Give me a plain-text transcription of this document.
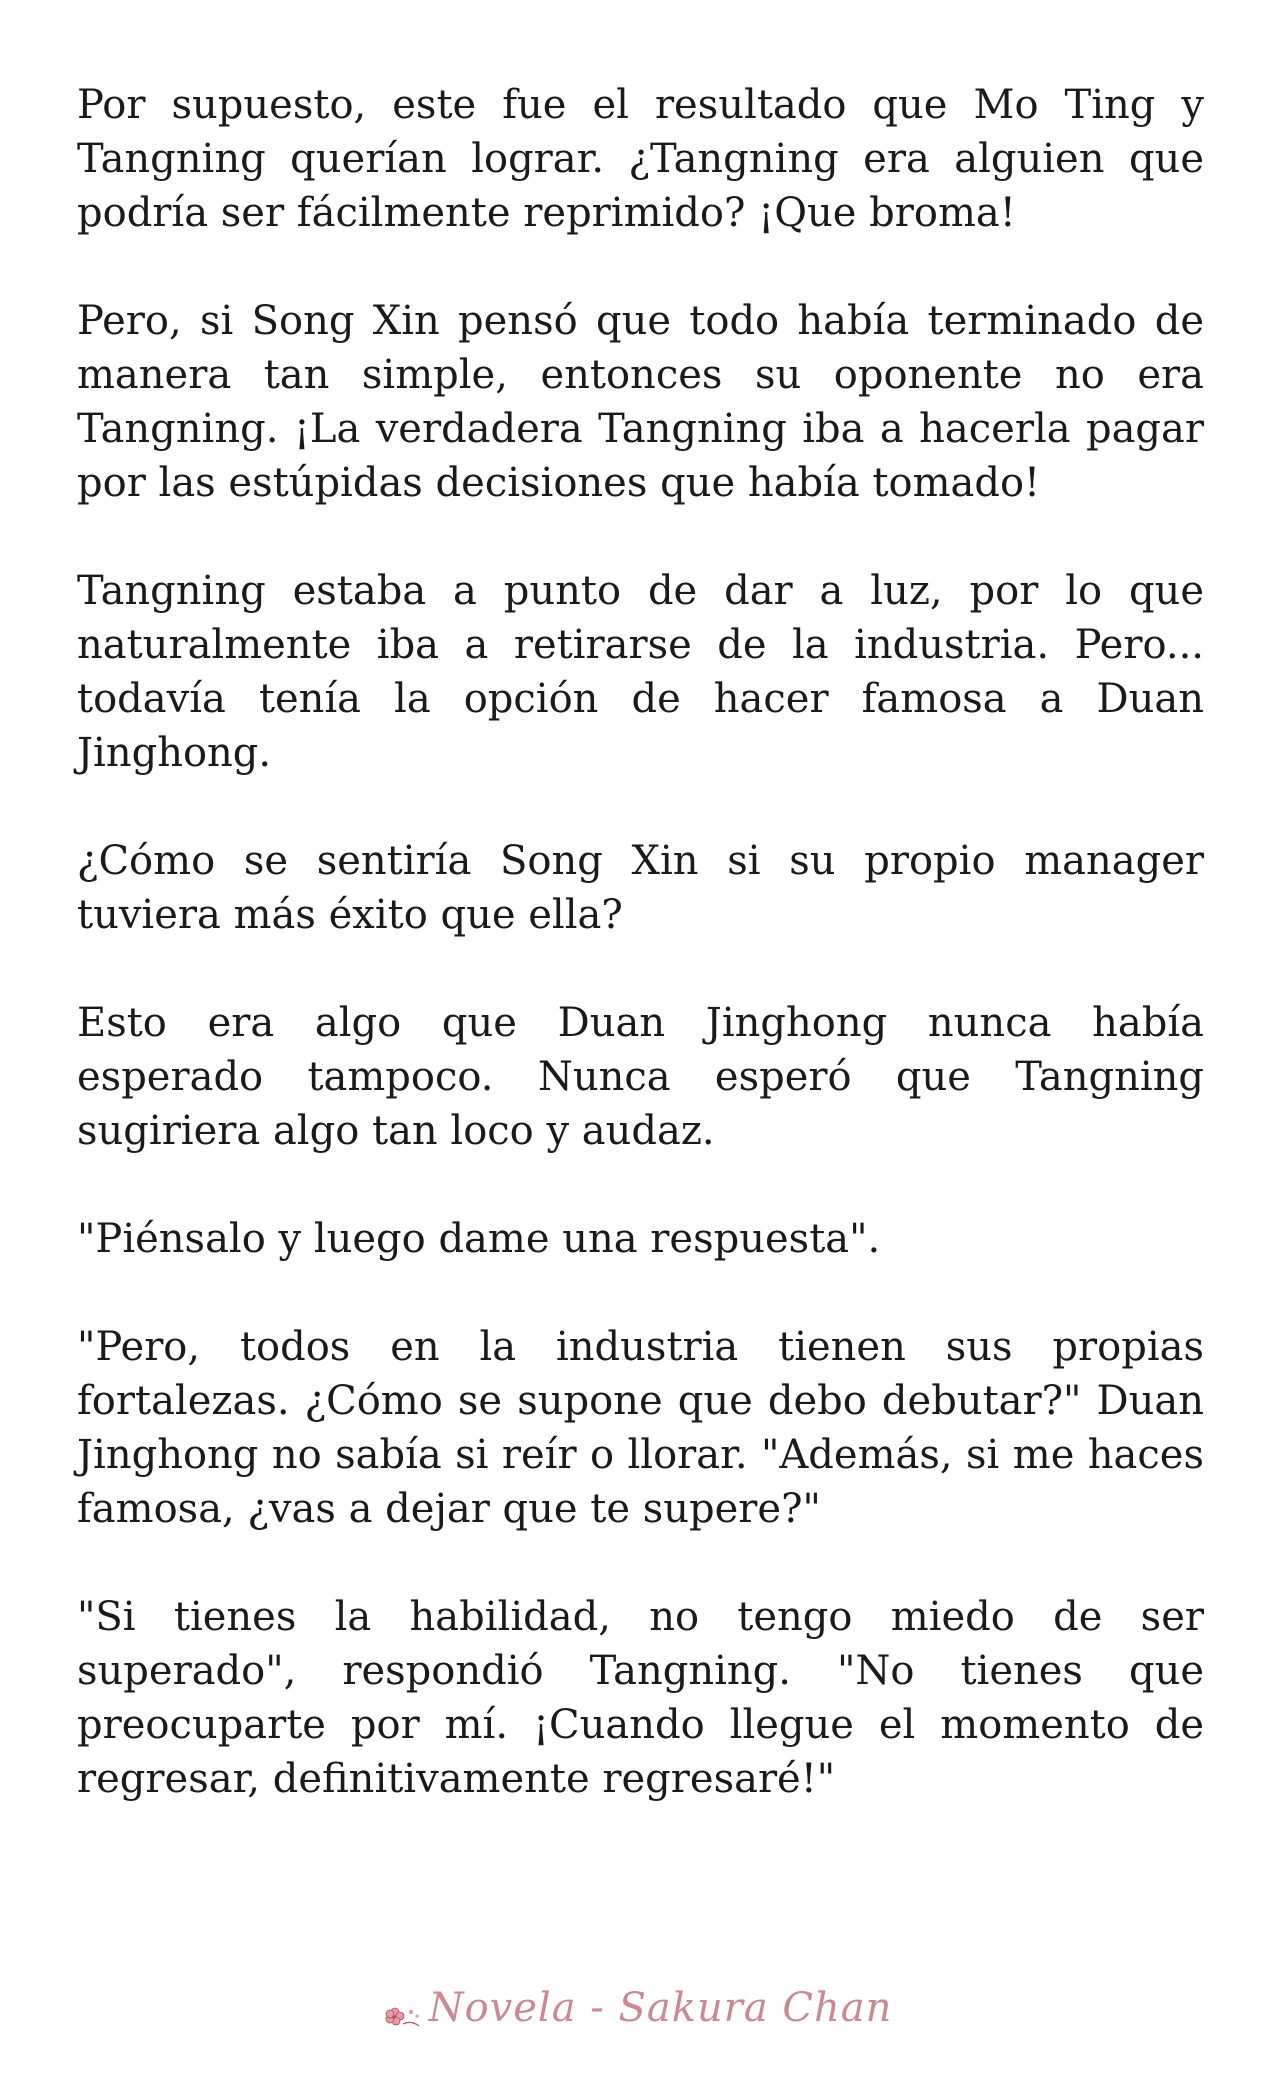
Por supuesto, este fue el resultado que Mo Ting y Tangning querían lograr. ¿Tangning era alguien que podría ser fácilmente reprimido? ¡Que broma!

Pero, si Song Xin pensó que todo había terminado de manera tan simple, entonces su oponente no era Tangning. ¡La verdadera Tangning iba a hacerla pagar por las estúpidas decisiones que había tomado!

Tangning estaba a punto de dar a luz, por lo que naturalmente iba a retirarse de la industria. Pero... todavía tenía la opción de hacer famosa a Duan Jinghong.

¿Cómo se sentiría Song Xin si su propio manager tuviera más éxito que ella?

Esto era algo que Duan Jinghong nunca había esperado tampoco. Nunca esperó que Tangning sugiriera algo tan loco y audaz.

"Piénsalo y luego dame una respuesta".

"Pero, todos en la industria tienen sus propias fortalezas. ¿Cómo se supone que debo debutar?" Duan Jinghong no sabía si reír o llorar. "Además, si me haces famosa, ¿vas a dejar que te supere?"

"Si tienes la habilidad, no tengo miedo de ser superado", respondió Tangning. "No tienes que preocuparte por mí. ¡Cuando llegue el momento de regresar, definitivamente regresaré!"

Novela - Sakura Chan
